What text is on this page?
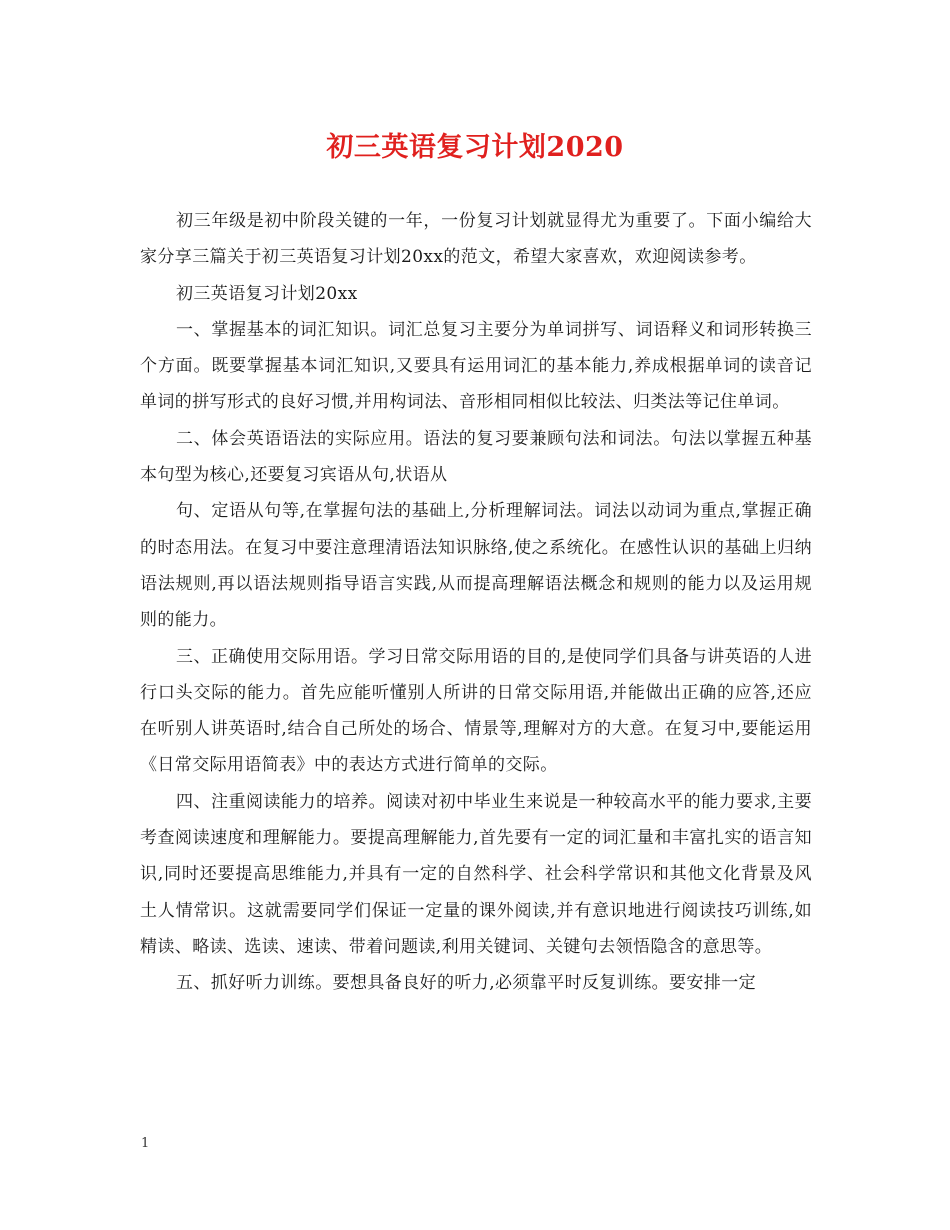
初三英语复习计划2020

初三年级是初中阶段关键的一年，一份复习计划就显得尤为重要了。下面小编给大家分享三篇关于初三英语复习计划20xx的范文，希望大家喜欢，欢迎阅读参考。

初三英语复习计划20xx

一、掌握基本的词汇知识。词汇总复习主要分为单词拼写、词语释义和词形转换三个方面。既要掌握基本词汇知识,又要具有运用词汇的基本能力,养成根据单词的读音记单词的拼写形式的良好习惯,并用构词法、音形相同相似比较法、归类法等记住单词。

二、体会英语语法的实际应用。语法的复习要兼顾句法和词法。句法以掌握五种基本句型为核心,还要复习宾语从句,状语从

句、定语从句等,在掌握句法的基础上,分析理解词法。词法以动词为重点,掌握正确的时态用法。在复习中要注意理清语法知识脉络,使之系统化。在感性认识的基础上归纳语法规则,再以语法规则指导语言实践,从而提高理解语法概念和规则的能力以及运用规则的能力。

三、正确使用交际用语。学习日常交际用语的目的,是使同学们具备与讲英语的人进行口头交际的能力。首先应能听懂别人所讲的日常交际用语,并能做出正确的应答,还应在听别人讲英语时,结合自己所处的场合、情景等,理解对方的大意。在复习中,要能运用《日常交际用语简表》中的表达方式进行简单的交际。

四、注重阅读能力的培养。阅读对初中毕业生来说是一种较高水平的能力要求,主要考查阅读速度和理解能力。要提高理解能力,首先要有一定的词汇量和丰富扎实的语言知识,同时还要提高思维能力,并具有一定的自然科学、社会科学常识和其他文化背景及风土人情常识。这就需要同学们保证一定量的课外阅读,并有意识地进行阅读技巧训练,如精读、略读、选读、速读、带着问题读,利用关键词、关键句去领悟隐含的意思等。

五、抓好听力训练。要想具备良好的听力,必须靠平时反复训练。要安排一定

1
